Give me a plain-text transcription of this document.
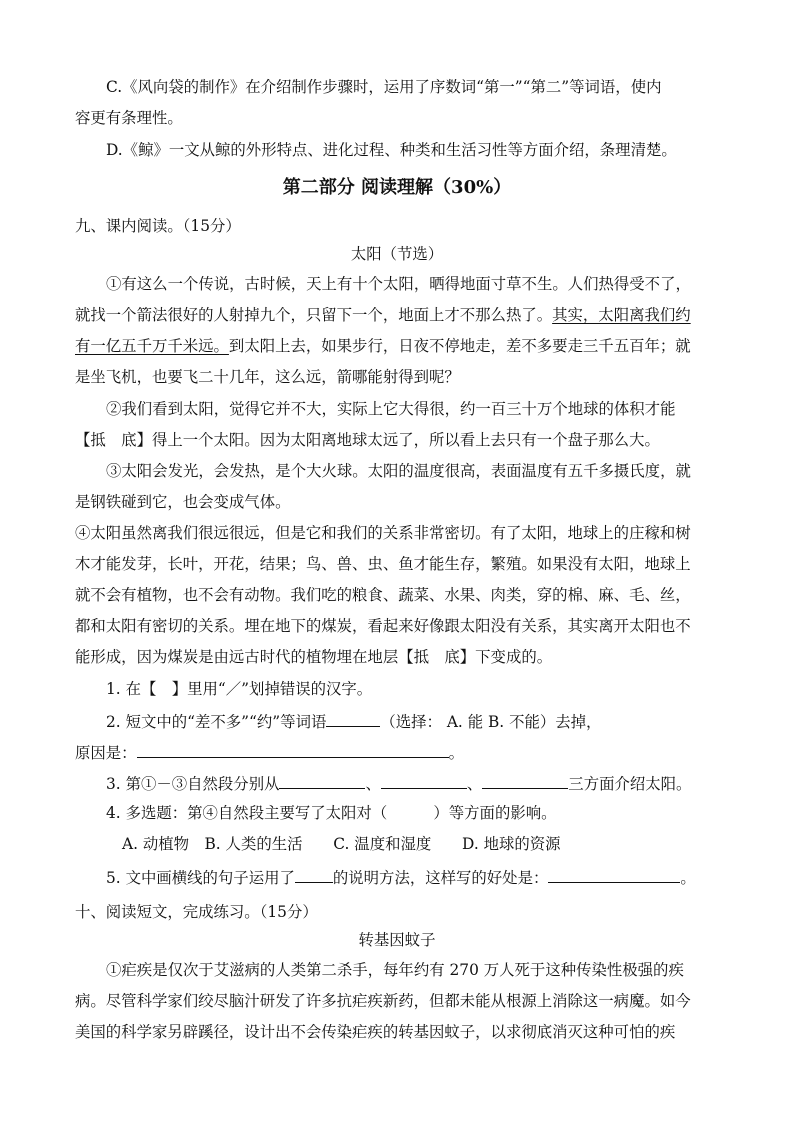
C.《风向袋的制作》在介绍制作步骤时，运用了序数词“第一”“第二”等词语，使内
容更有条理性。
D.《鲸》一文从鲸的外形特点、进化过程、种类和生活习性等方面介绍，条理清楚。
第二部分 阅读理解（30%）
九、课内阅读。（15分）
太阳（节选）
①有这么一个传说，古时候，天上有十个太阳，晒得地面寸草不生。人们热得受不了，
就找一个箭法很好的人射掉九个，只留下一个，地面上才不那么热了。其实，太阳离我们约
有一亿五千万千米远。到太阳上去，如果步行，日夜不停地走，差不多要走三千五百年；就
是坐飞机，也要飞二十几年，这么远，箭哪能射得到呢？
②我们看到太阳，觉得它并不大，实际上它大得很，约一百三十万个地球的体积才能
【抵　底】得上一个太阳。因为太阳离地球太远了，所以看上去只有一个盘子那么大。
③太阳会发光，会发热，是个大火球。太阳的温度很高，表面温度有五千多摄氏度，就
是钢铁碰到它，也会变成气体。
④太阳虽然离我们很远很远，但是它和我们的关系非常密切。有了太阳，地球上的庄稼和树
木才能发芽，长叶，开花，结果；鸟、兽、虫、鱼才能生存，繁殖。如果没有太阳，地球上
就不会有植物，也不会有动物。我们吃的粮食、蔬菜、水果、肉类，穿的棉、麻、毛、丝，
都和太阳有密切的关系。埋在地下的煤炭，看起来好像跟太阳没有关系，其实离开太阳也不
能形成，因为煤炭是由远古时代的植物埋在地层【抵　底】下变成的。
1. 在【　】里用“／”划掉错误的汉字。
2. 短文中的“差不多”“约”等词语	（选择： A. 能 B. 不能）去掉，
原因是：	。
3. 第①－③自然段分别从	、	、	三方面介绍太阳。
4. 多选题：第④自然段主要写了太阳对（　　　）等方面的影响。
A. 动植物　B. 人类的生活　　C. 温度和湿度　　D. 地球的资源
5. 文中画横线的句子运用了 的说明方法，这样写的好处是：	。
十、阅读短文，完成练习。（15分）
转基因蚊子
①疟疾是仅次于艾滋病的人类第二杀手，每年约有 270 万人死于这种传染性极强的疾
病。尽管科学家们绞尽脑汁研发了许多抗疟疾新药，但都未能从根源上消除这一病魔。如今
美国的科学家另辟蹊径，设计出不会传染疟疾的转基因蚊子，以求彻底消灭这种可怕的疾
